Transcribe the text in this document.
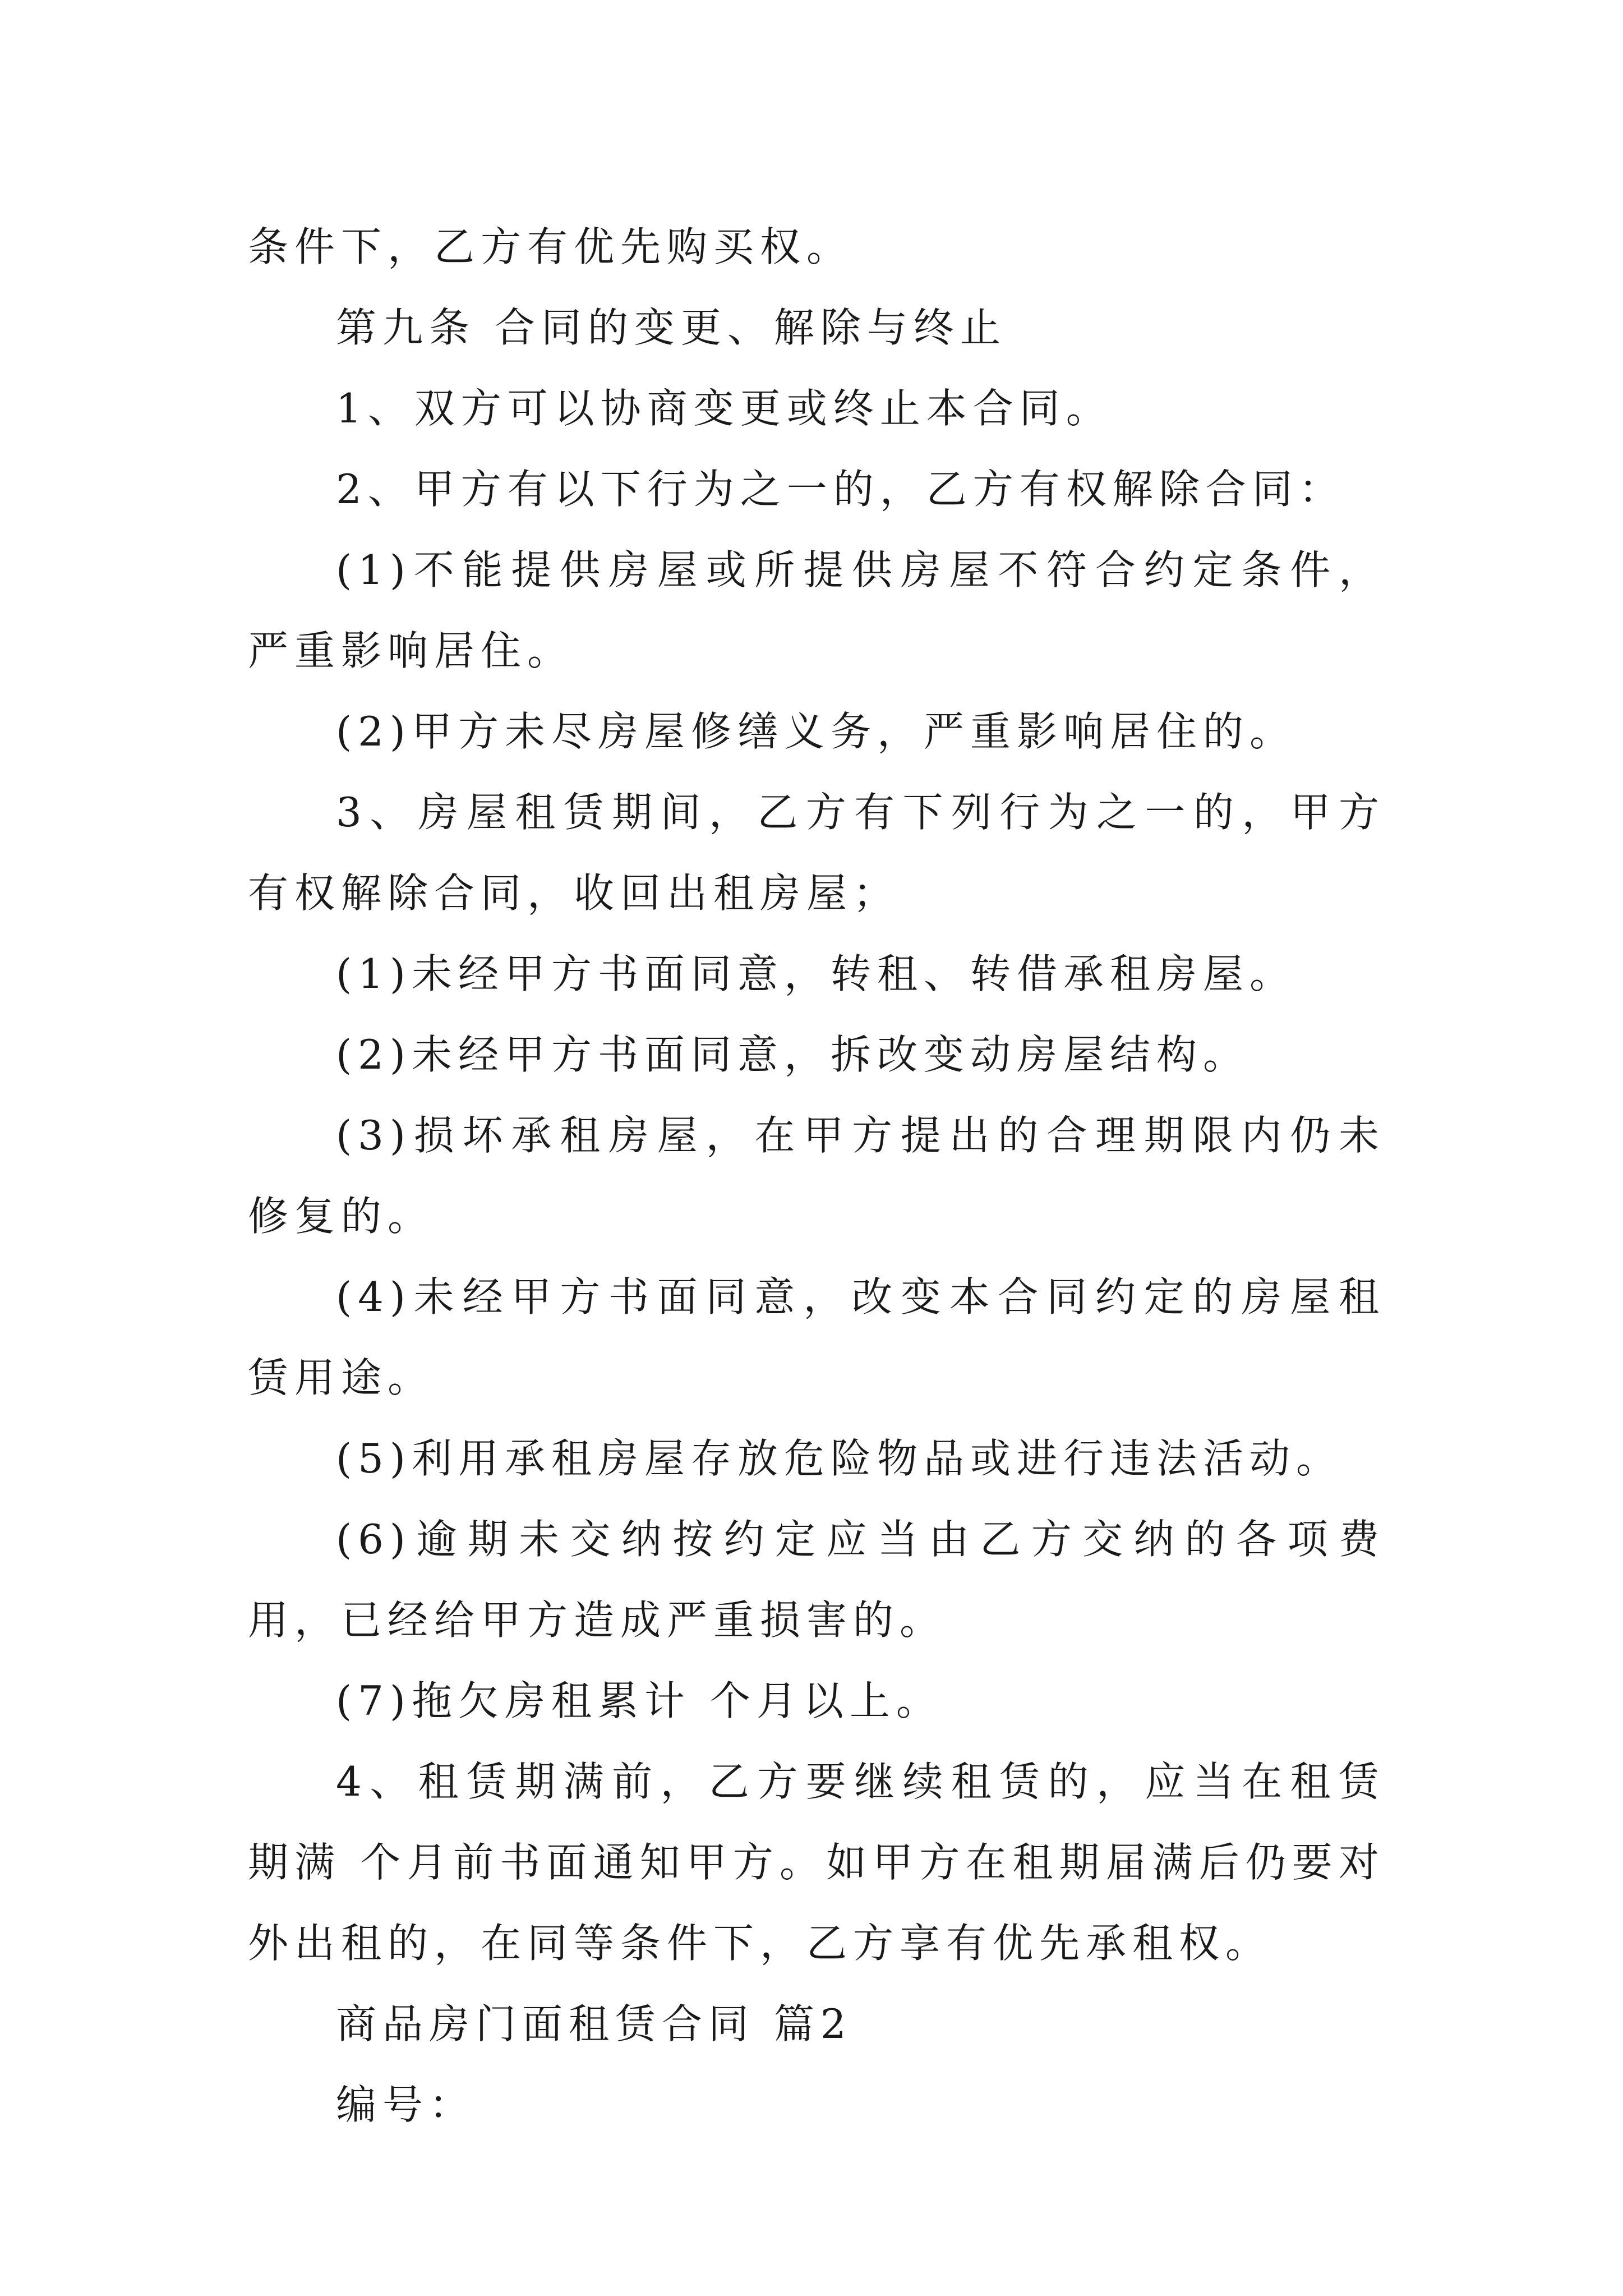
条件下，乙方有优先购买权。

第九条 合同的变更、解除与终止

1、双方可以协商变更或终止本合同。

2、甲方有以下行为之一的，乙方有权解除合同：

(1)不能提供房屋或所提供房屋不符合约定条件，严重影响居住。

(2)甲方未尽房屋修缮义务，严重影响居住的。

3、房屋租赁期间，乙方有下列行为之一的，甲方有权解除合同，收回出租房屋；

(1)未经甲方书面同意，转租、转借承租房屋。

(2)未经甲方书面同意，拆改变动房屋结构。

(3)损坏承租房屋，在甲方提出的合理期限内仍未修复的。

(4)未经甲方书面同意，改变本合同约定的房屋租赁用途。

(5)利用承租房屋存放危险物品或进行违法活动。

(6)逾期未交纳按约定应当由乙方交纳的各项费用，已经给甲方造成严重损害的。

(7)拖欠房租累计 个月以上。

4、租赁期满前，乙方要继续租赁的，应当在租赁期满 个月前书面通知甲方。如甲方在租期届满后仍要对外出租的，在同等条件下，乙方享有优先承租权。

商品房门面租赁合同 篇2

编号：
